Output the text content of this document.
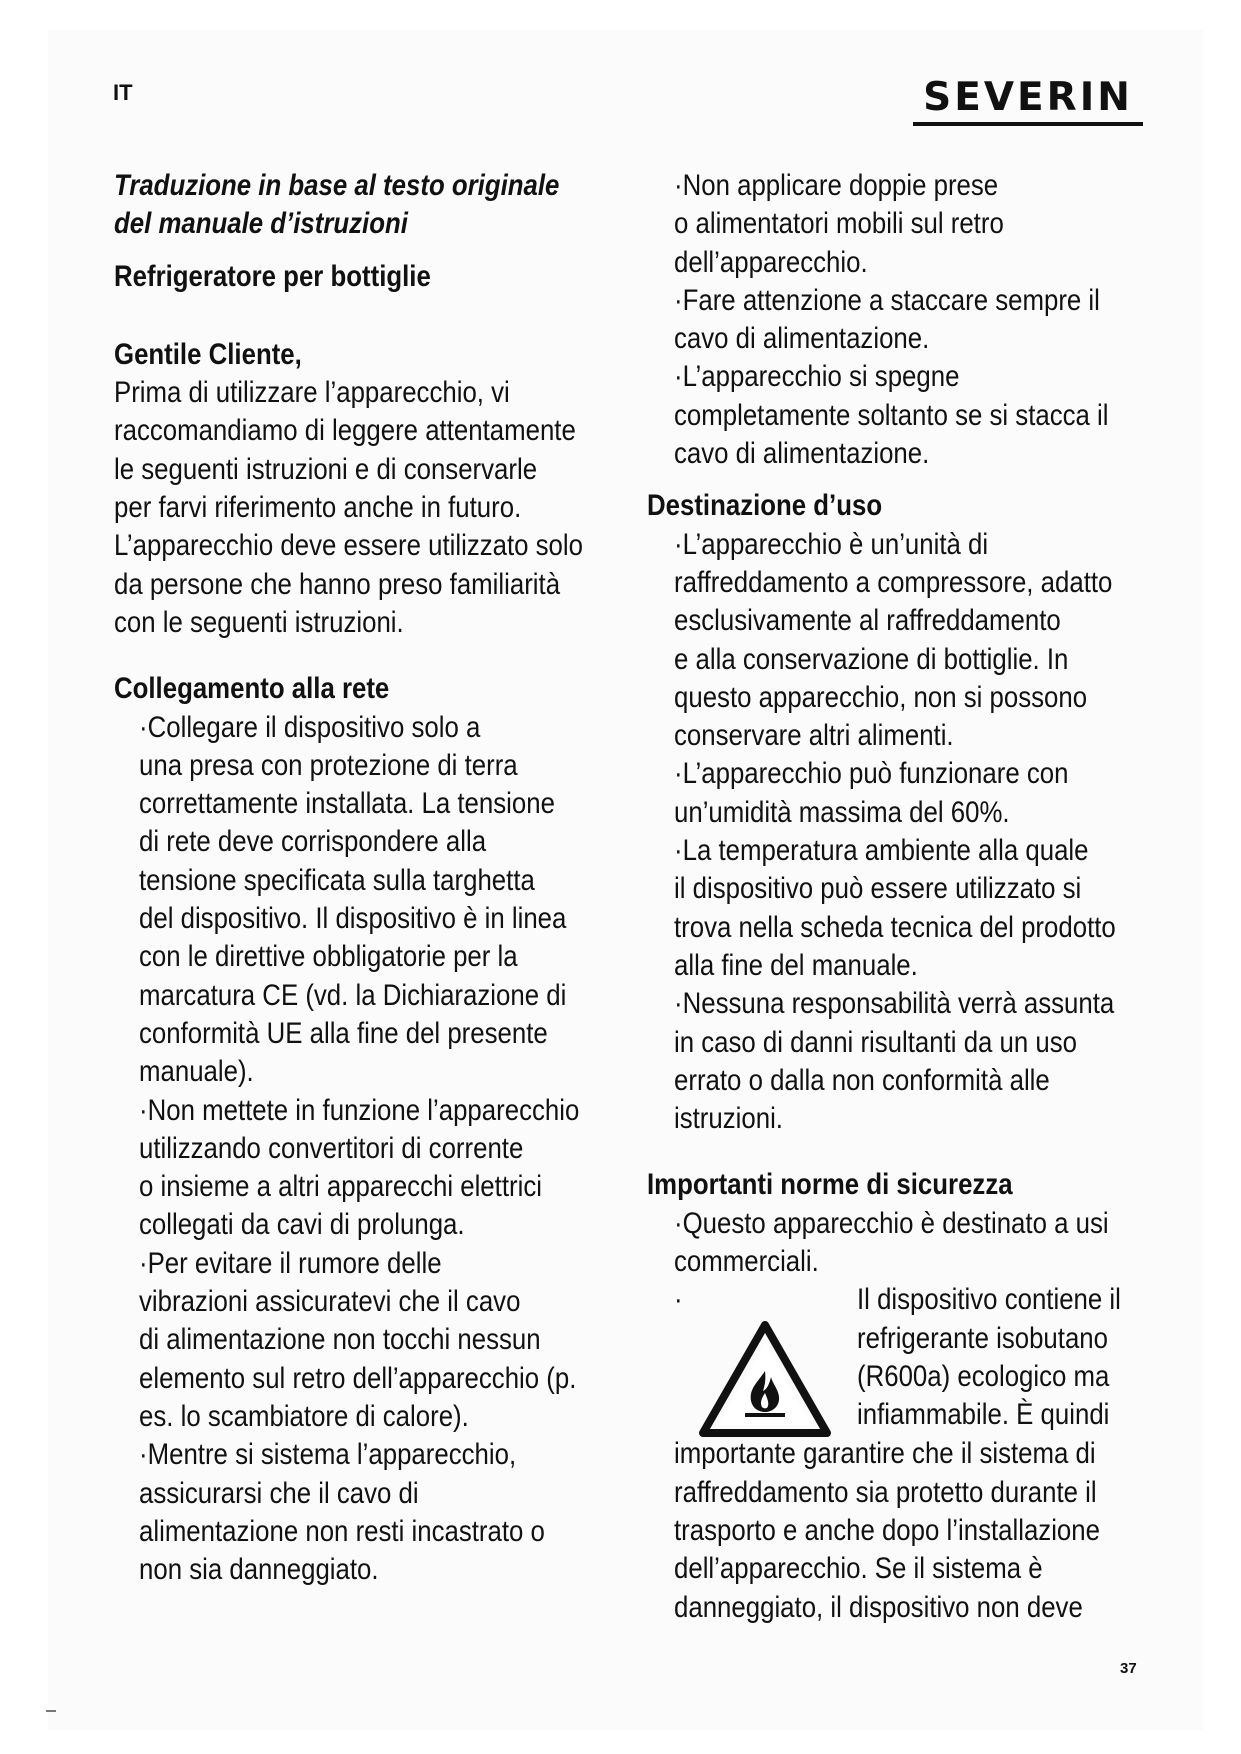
IT	SEVERIN
Traduzione in base al testo originale
del manuale d’istruzioni
Refrigeratore per bottiglie
Gentile Cliente,
Prima di utilizzare l’apparecchio, vi
raccomandiamo di leggere attentamente
le seguenti istruzioni e di conservarle
per farvi riferimento anche in futuro.
L’apparecchio deve essere utilizzato solo
da persone che hanno preso familiarità
con le seguenti istruzioni.
Collegamento alla rete
·Collegare il dispositivo solo a
una presa con protezione di terra
correttamente installata. La tensione
di rete deve corrispondere alla
tensione specificata sulla targhetta
del dispositivo. Il dispositivo è in linea
con le direttive obbligatorie per la
marcatura CE (vd. la Dichiarazione di
conformità UE alla fine del presente
manuale).
·Non mettete in funzione l’apparecchio
utilizzando convertitori di corrente
o insieme a altri apparecchi elettrici
collegati da cavi di prolunga.
·Per evitare il rumore delle
vibrazioni assicuratevi che il cavo
di alimentazione non tocchi nessun
elemento sul retro dell’apparecchio (p.
es. lo scambiatore di calore).
·Mentre si sistema l’apparecchio,
assicurarsi che il cavo di
alimentazione non resti incastrato o
non sia danneggiato.
·Non applicare doppie prese
o alimentatori mobili sul retro
dell’apparecchio.
·Fare attenzione a staccare sempre il
cavo di alimentazione.
·L’apparecchio si spegne
completamente soltanto se si stacca il
cavo di alimentazione.
Destinazione d’uso
·L’apparecchio è un’unità di
raffreddamento a compressore, adatto
esclusivamente al raffreddamento
e alla conservazione di bottiglie. In
questo apparecchio, non si possono
conservare altri alimenti.
·L’apparecchio può funzionare con
un’umidità massima del 60%.
·La temperatura ambiente alla quale
il dispositivo può essere utilizzato si
trova nella scheda tecnica del prodotto
alla fine del manuale.
·Nessuna responsabilità verrà assunta
in caso di danni risultanti da un uso
errato o dalla non conformità alle
istruzioni.
Importanti norme di sicurezza
·Questo apparecchio è destinato a usi
commerciali.
·	Il dispositivo contiene il
refrigerante isobutano
(R600a) ecologico ma
infiammabile. È quindi
importante garantire che il sistema di
raffreddamento sia protetto durante il
trasporto e anche dopo l’installazione
dell’apparecchio. Se il sistema è
danneggiato, il dispositivo non deve
37
